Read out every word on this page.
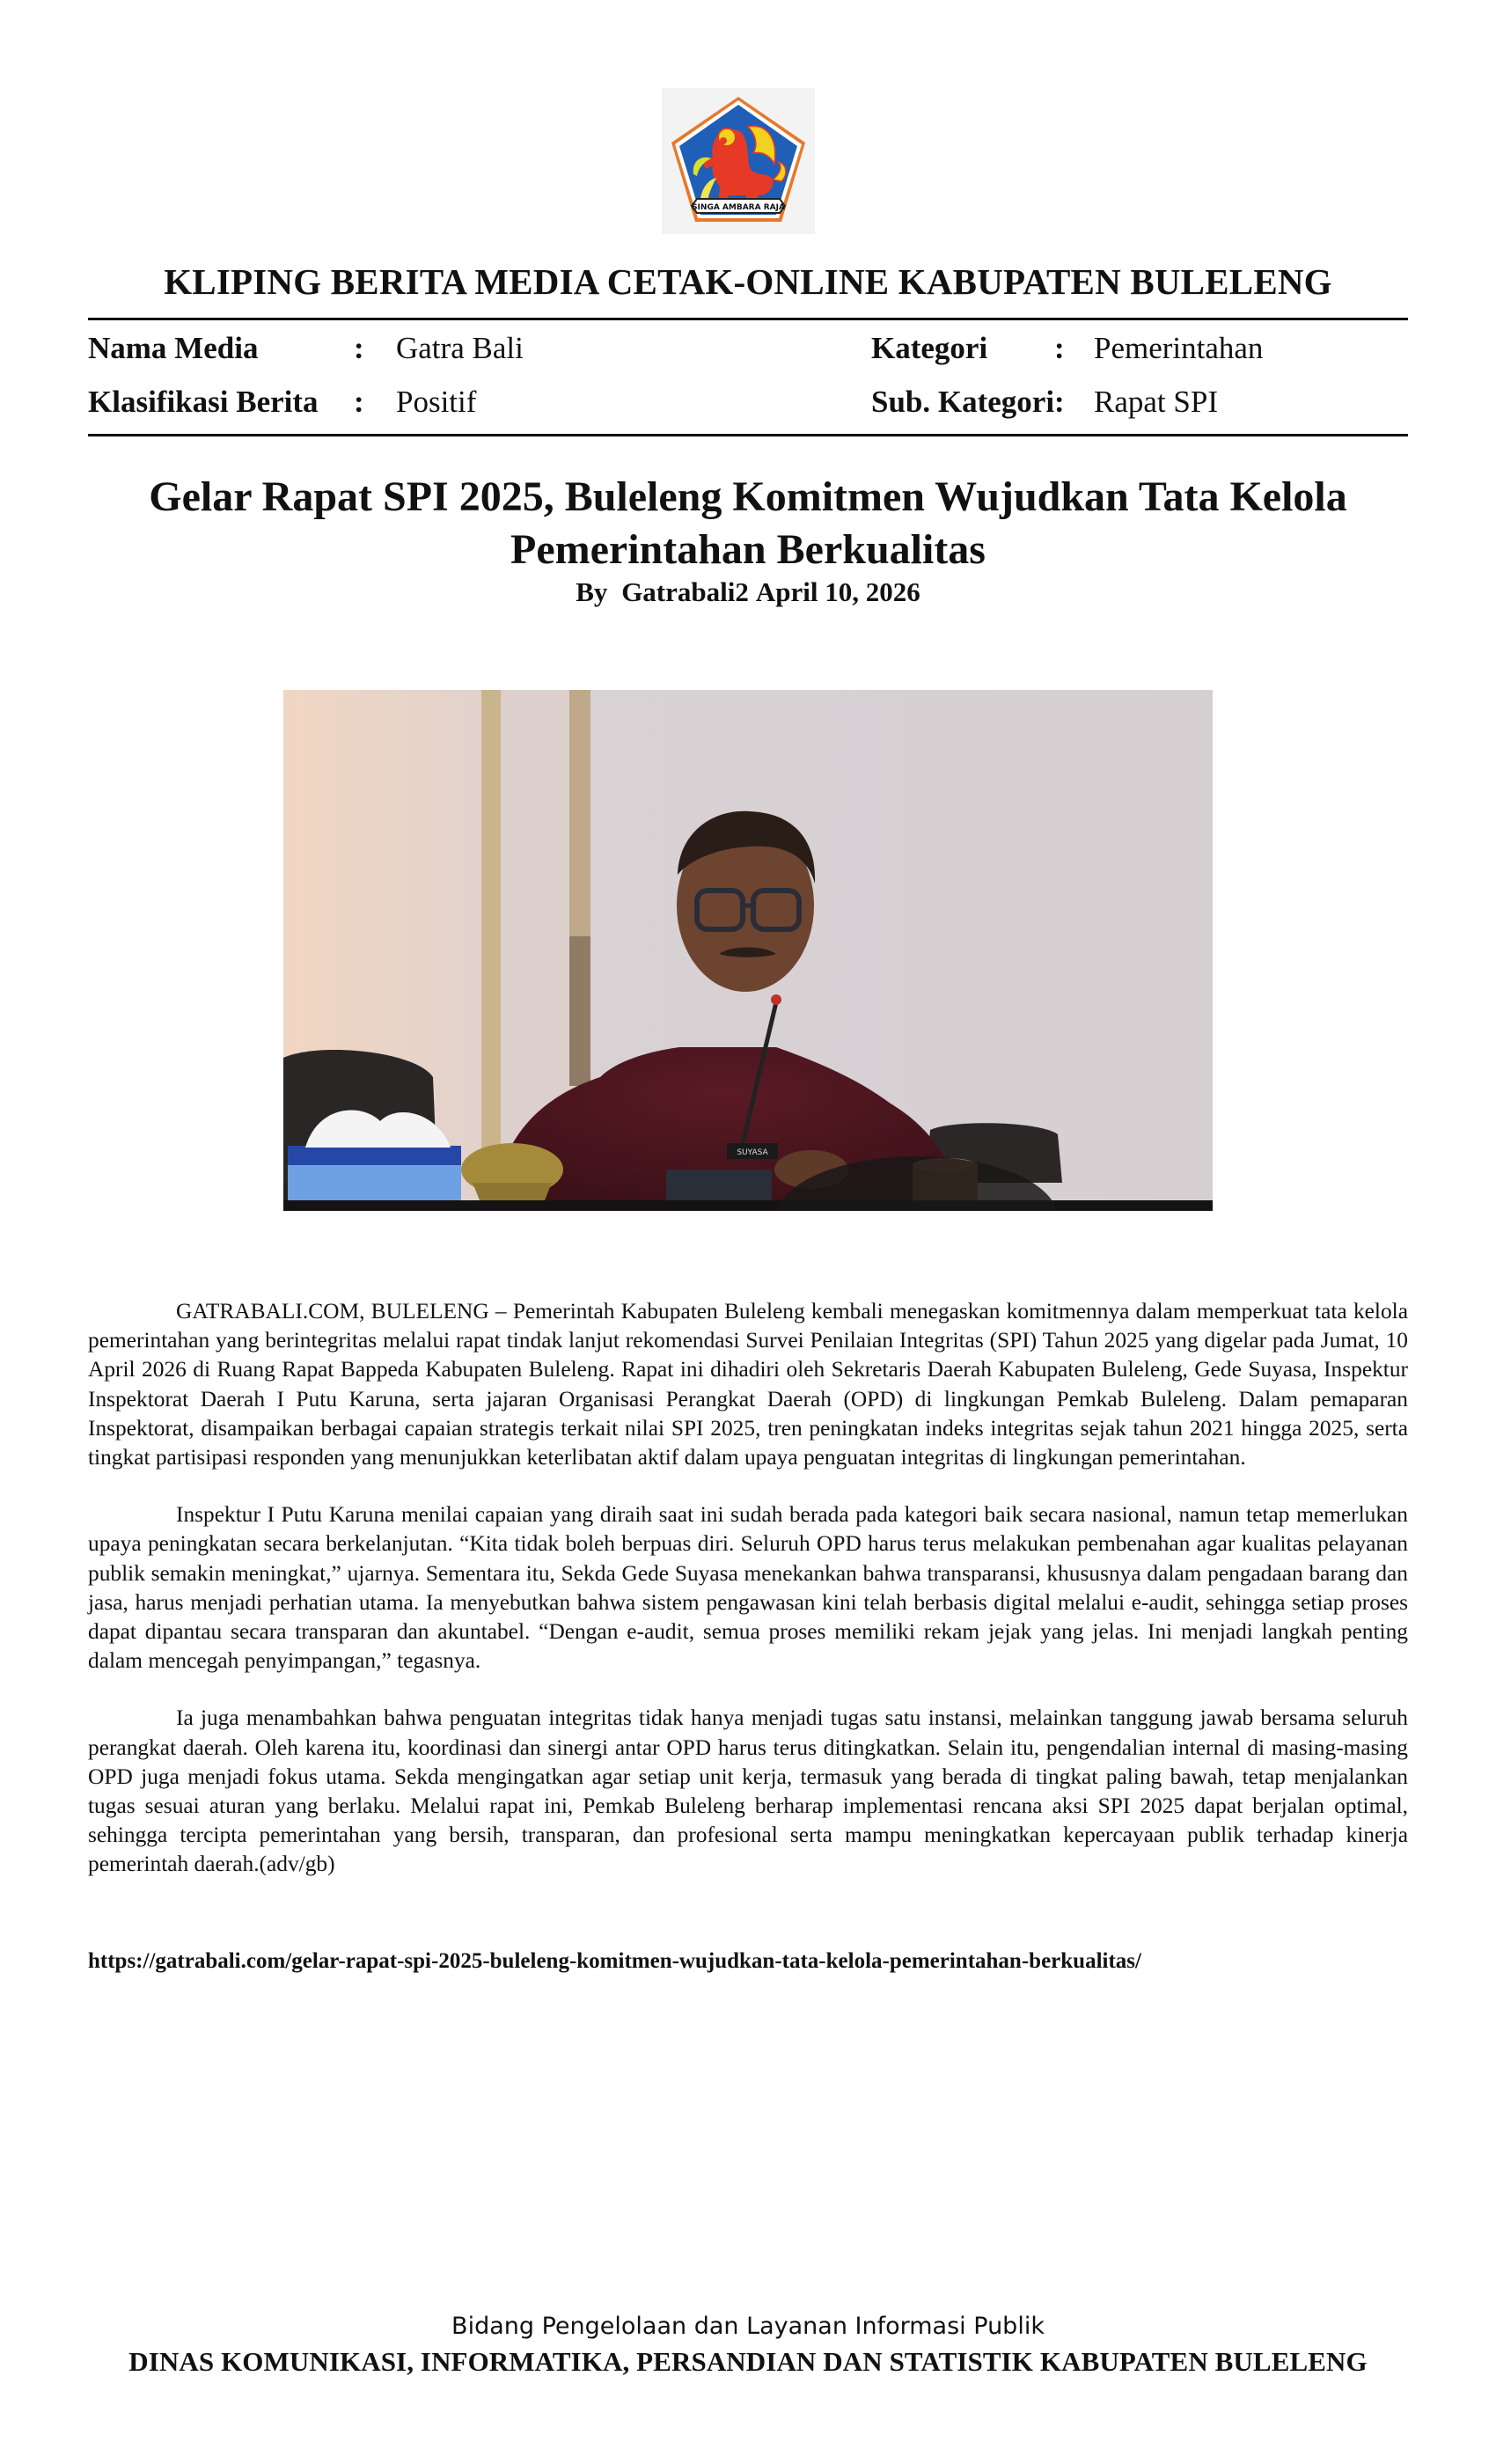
SINGA AMBARA RAJA
KLIPING BERITA MEDIA CETAK-ONLINE KABUPATEN BULELENG
Nama Media	: Gatra Bali	Kategori : Pemerintahan
Klasifikasi Berita : Positif	Sub. Kategori : Rapat SPI
Gelar Rapat SPI 2025, Buleleng Komitmen Wujudkan Tata Kelola Pemerintahan Berkualitas
By Gatrabali2 April 10, 2026
SUYASA

GATRABALI.COM, BULELENG – Pemerintah Kabupaten Buleleng kembali menegaskan komitmennya dalam memperkuat tata kelola pemerintahan yang berintegritas melalui rapat tindak lanjut rekomendasi Survei Penilaian Integritas (SPI) Tahun 2025 yang digelar pada Jumat, 10 April 2026 di Ruang Rapat Bappeda Kabupaten Buleleng. Rapat ini dihadiri oleh Sekretaris Daerah Kabupaten Buleleng, Gede Suyasa, Inspektur Inspektorat Daerah I Putu Karuna, serta jajaran Organisasi Perangkat Daerah (OPD) di lingkungan Pemkab Buleleng. Dalam pemaparan Inspektorat, disampaikan berbagai capaian strategis terkait nilai SPI 2025, tren peningkatan indeks integritas sejak tahun 2021 hingga 2025, serta tingkat partisipasi responden yang menunjukkan keterlibatan aktif dalam upaya penguatan integritas di lingkungan pemerintahan.

Inspektur I Putu Karuna menilai capaian yang diraih saat ini sudah berada pada kategori baik secara nasional, namun tetap memerlukan upaya peningkatan secara berkelanjutan. “Kita tidak boleh berpuas diri. Seluruh OPD harus terus melakukan pembenahan agar kualitas pelayanan publik semakin meningkat,” ujarnya. Sementara itu, Sekda Gede Suyasa menekankan bahwa transparansi, khususnya dalam pengadaan barang dan jasa, harus menjadi perhatian utama. Ia menyebutkan bahwa sistem pengawasan kini telah berbasis digital melalui e-audit, sehingga setiap proses dapat dipantau secara transparan dan akuntabel. “Dengan e-audit, semua proses memiliki rekam jejak yang jelas. Ini menjadi langkah penting dalam mencegah penyimpangan,” tegasnya.

Ia juga menambahkan bahwa penguatan integritas tidak hanya menjadi tugas satu instansi, melainkan tanggung jawab bersama seluruh perangkat daerah. Oleh karena itu, koordinasi dan sinergi antar OPD harus terus ditingkatkan. Selain itu, pengendalian internal di masing-masing OPD juga menjadi fokus utama. Sekda mengingatkan agar setiap unit kerja, termasuk yang berada di tingkat paling bawah, tetap menjalankan tugas sesuai aturan yang berlaku. Melalui rapat ini, Pemkab Buleleng berharap implementasi rencana aksi SPI 2025 dapat berjalan optimal, sehingga tercipta pemerintahan yang bersih, transparan, dan profesional serta mampu meningkatkan kepercayaan publik terhadap kinerja pemerintah daerah.(adv/gb)

https://gatrabali.com/gelar-rapat-spi-2025-buleleng-komitmen-wujudkan-tata-kelola-pemerintahan-berkualitas/
Bidang Pengelolaan dan Layanan Informasi Publik
DINAS KOMUNIKASI, INFORMATIKA, PERSANDIAN DAN STATISTIK KABUPATEN BULELENG
